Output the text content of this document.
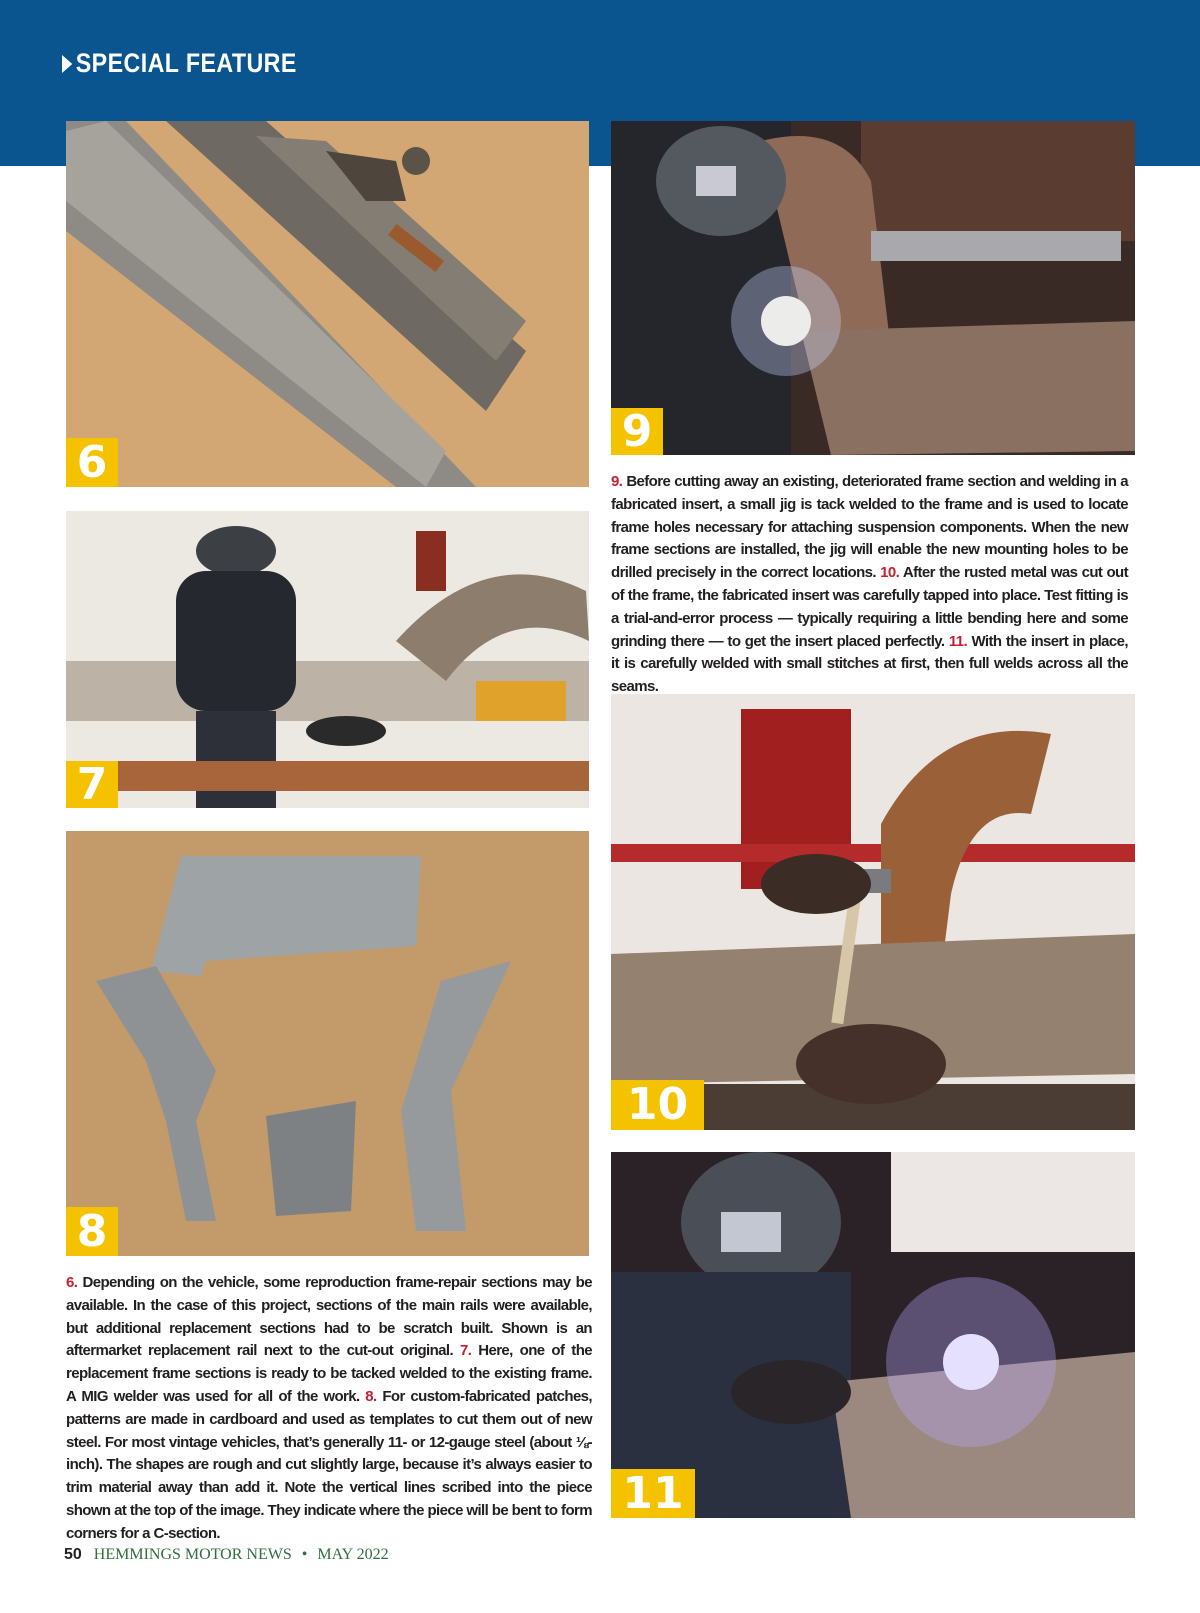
SPECIAL FEATURE
6
7
8
9
10
11
9. Before cutting away an existing, deteriorated frame section and welding in a fabricated insert, a small jig is tack welded to the frame and is used to locate frame holes necessary for attaching suspension components. When the new frame sections are installed, the jig will enable the new mounting holes to be drilled precisely in the correct locations. 10. After the rusted metal was cut out of the frame, the fabricated insert was carefully tapped into place. Test fitting is a trial-and-error process — typically requiring a little bending here and some grinding there — to get the insert placed perfectly. 11. With the insert in place, it is carefully welded with small stitches at first, then full welds across all the seams.
6. Depending on the vehicle, some reproduction frame-repair sections may be available. In the case of this project, sections of the main rails were available, but additional replacement sections had to be scratch built. Shown is an aftermarket replacement rail next to the cut-out original. 7. Here, one of the replacement frame sections is ready to be tacked welded to the existing frame. A MIG welder was used for all of the work. 8. For custom-fabricated patches, patterns are made in cardboard and used as templates to cut them out of new steel. For most vintage vehicles, that’s generally 11- or 12-gauge steel (about ⅛-inch). The shapes are rough and cut slightly large, because it’s always easier to trim material away than add it. Note the vertical lines scribed into the piece shown at the top of the image. They indicate where the piece will be bent to form corners for a C-section.
50 HEMMINGS MOTOR NEWS • MAY 2022
